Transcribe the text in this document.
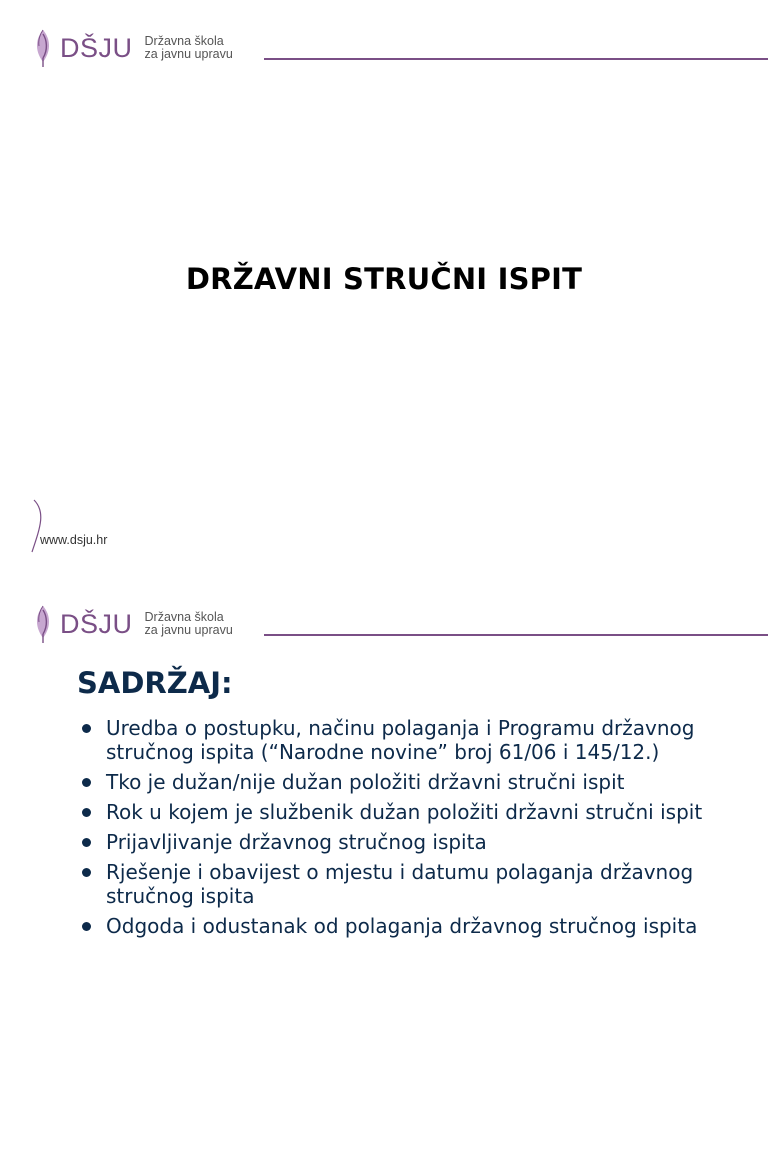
DŠJU Državna škola
za javnu upravu
DRŽAVNI STRUČNI ISPIT
www.dsju.hr
DŠJU Državna škola
za javnu upravu
SADRŽAJ:
Uredba o postupku, načinu polaganja i Programu državnog stručnog ispita (“Narodne novine” broj 61/06 i 145/12.)
Tko je dužan/nije dužan položiti državni stručni ispit
Rok u kojem je službenik dužan položiti državni stručni ispit
Prijavljivanje državnog stručnog ispita
Rješenje i obavijest o mjestu i datumu polaganja državnog stručnog ispita
Odgoda i odustanak od polaganja državnog stručnog ispita
